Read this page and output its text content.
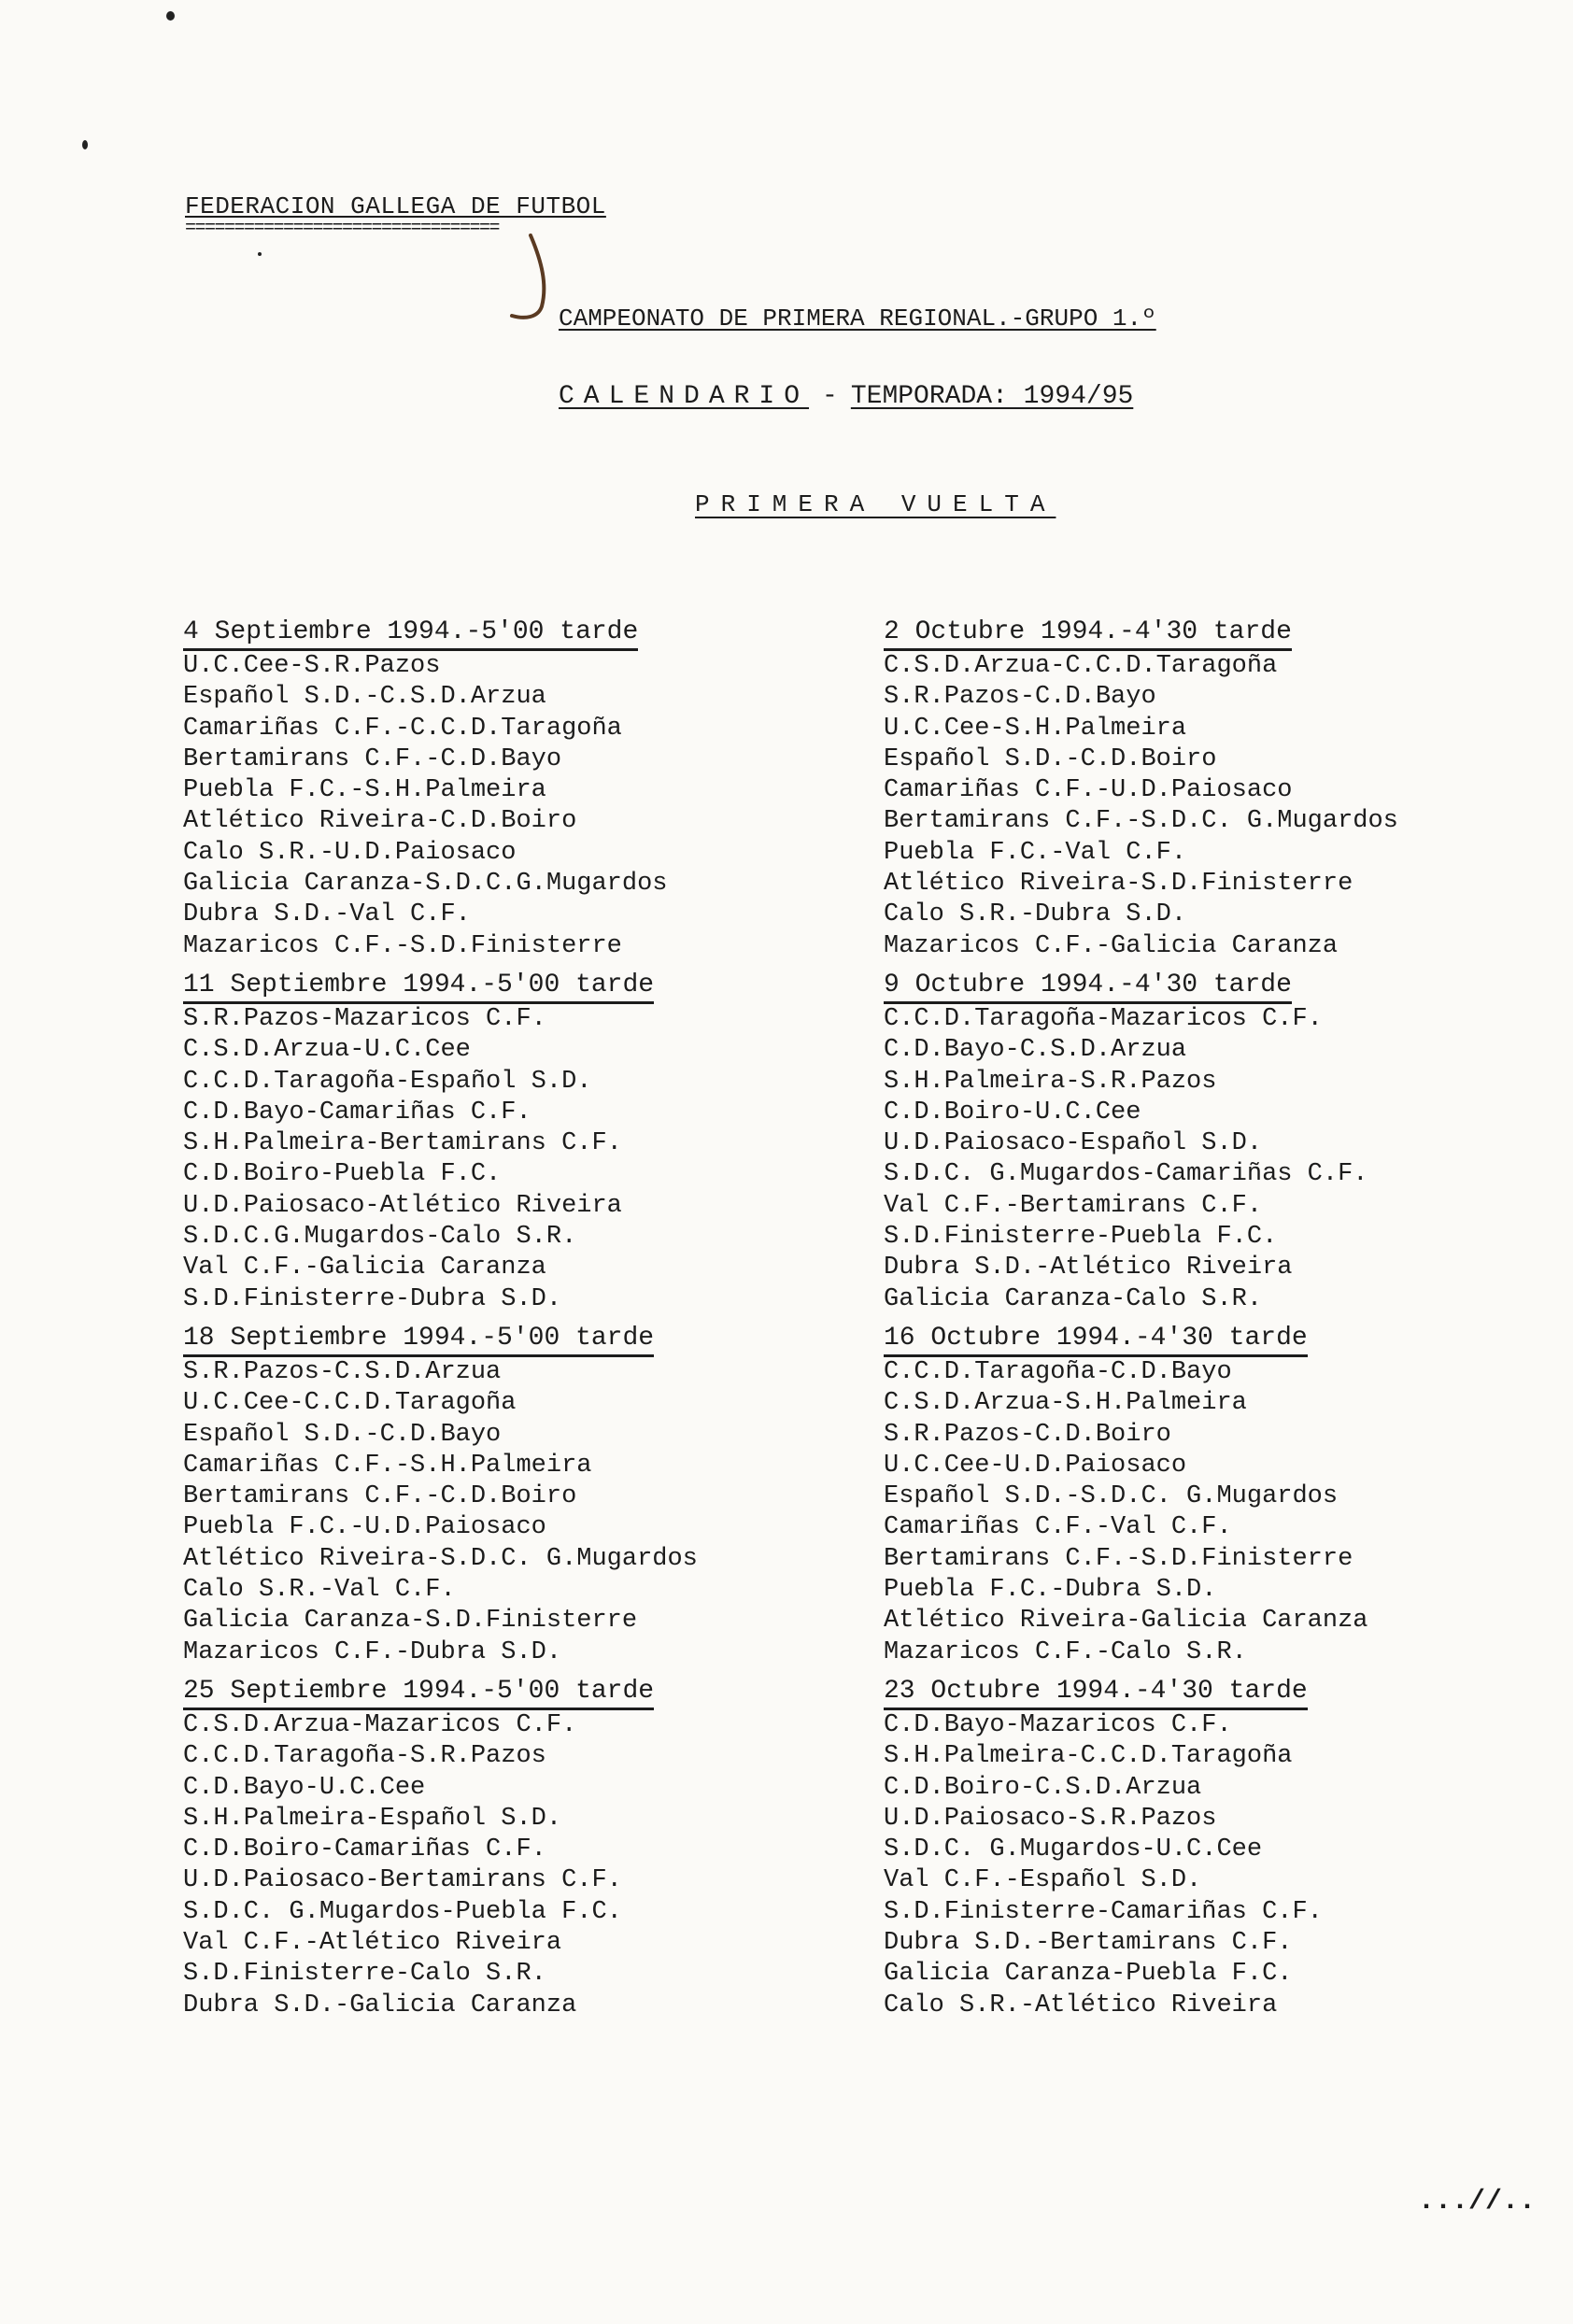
FEDERACION GALLEGA DE FUTBOL
================================
CAMPEONATO DE PRIMERA REGIONAL.-GRUPO 1.º
CALENDARIO - TEMPORADA: 1994/95
PRIMERA VUELTA
4 Septiembre 1994.-5'00 tarde
U.C.Cee-S.R.Pazos
Español S.D.-C.S.D.Arzua
Camariñas C.F.-C.C.D.Taragoña
Bertamirans C.F.-C.D.Bayo
Puebla F.C.-S.H.Palmeira
Atlético Riveira-C.D.Boiro
Calo S.R.-U.D.Paiosaco
Galicia Caranza-S.D.C.G.Mugardos
Dubra S.D.-Val C.F.
Mazaricos C.F.-S.D.Finisterre
11 Septiembre 1994.-5'00 tarde
S.R.Pazos-Mazaricos C.F.
C.S.D.Arzua-U.C.Cee
C.C.D.Taragoña-Español S.D.
C.D.Bayo-Camariñas C.F.
S.H.Palmeira-Bertamirans C.F.
C.D.Boiro-Puebla F.C.
U.D.Paiosaco-Atlético Riveira
S.D.C.G.Mugardos-Calo S.R.
Val C.F.-Galicia Caranza
S.D.Finisterre-Dubra S.D.
18 Septiembre 1994.-5'00 tarde
S.R.Pazos-C.S.D.Arzua
U.C.Cee-C.C.D.Taragoña
Español S.D.-C.D.Bayo
Camariñas C.F.-S.H.Palmeira
Bertamirans C.F.-C.D.Boiro
Puebla F.C.-U.D.Paiosaco
Atlético Riveira-S.D.C. G.Mugardos
Calo S.R.-Val C.F.
Galicia Caranza-S.D.Finisterre
Mazaricos C.F.-Dubra S.D.
25 Septiembre 1994.-5'00 tarde
C.S.D.Arzua-Mazaricos C.F.
C.C.D.Taragoña-S.R.Pazos
C.D.Bayo-U.C.Cee
S.H.Palmeira-Español S.D.
C.D.Boiro-Camariñas C.F.
U.D.Paiosaco-Bertamirans C.F.
S.D.C. G.Mugardos-Puebla F.C.
Val C.F.-Atlético Riveira
S.D.Finisterre-Calo S.R.
Dubra S.D.-Galicia Caranza
2 Octubre 1994.-4'30 tarde
C.S.D.Arzua-C.C.D.Taragoña
S.R.Pazos-C.D.Bayo
U.C.Cee-S.H.Palmeira
Español S.D.-C.D.Boiro
Camariñas C.F.-U.D.Paiosaco
Bertamirans C.F.-S.D.C. G.Mugardos
Puebla F.C.-Val C.F.
Atlético Riveira-S.D.Finisterre
Calo S.R.-Dubra S.D.
Mazaricos C.F.-Galicia Caranza
9 Octubre 1994.-4'30 tarde
C.C.D.Taragoña-Mazaricos C.F.
C.D.Bayo-C.S.D.Arzua
S.H.Palmeira-S.R.Pazos
C.D.Boiro-U.C.Cee
U.D.Paiosaco-Español S.D.
S.D.C. G.Mugardos-Camariñas C.F.
Val C.F.-Bertamirans C.F.
S.D.Finisterre-Puebla F.C.
Dubra S.D.-Atlético Riveira
Galicia Caranza-Calo S.R.
16 Octubre 1994.-4'30 tarde
C.C.D.Taragoña-C.D.Bayo
C.S.D.Arzua-S.H.Palmeira
S.R.Pazos-C.D.Boiro
U.C.Cee-U.D.Paiosaco
Español S.D.-S.D.C. G.Mugardos
Camariñas C.F.-Val C.F.
Bertamirans C.F.-S.D.Finisterre
Puebla F.C.-Dubra S.D.
Atlético Riveira-Galicia Caranza
Mazaricos C.F.-Calo S.R.
23 Octubre 1994.-4'30 tarde
C.D.Bayo-Mazaricos C.F.
S.H.Palmeira-C.C.D.Taragoña
C.D.Boiro-C.S.D.Arzua
U.D.Paiosaco-S.R.Pazos
S.D.C. G.Mugardos-U.C.Cee
Val C.F.-Español S.D.
S.D.Finisterre-Camariñas C.F.
Dubra S.D.-Bertamirans C.F.
Galicia Caranza-Puebla F.C.
Calo S.R.-Atlético Riveira
...//..
